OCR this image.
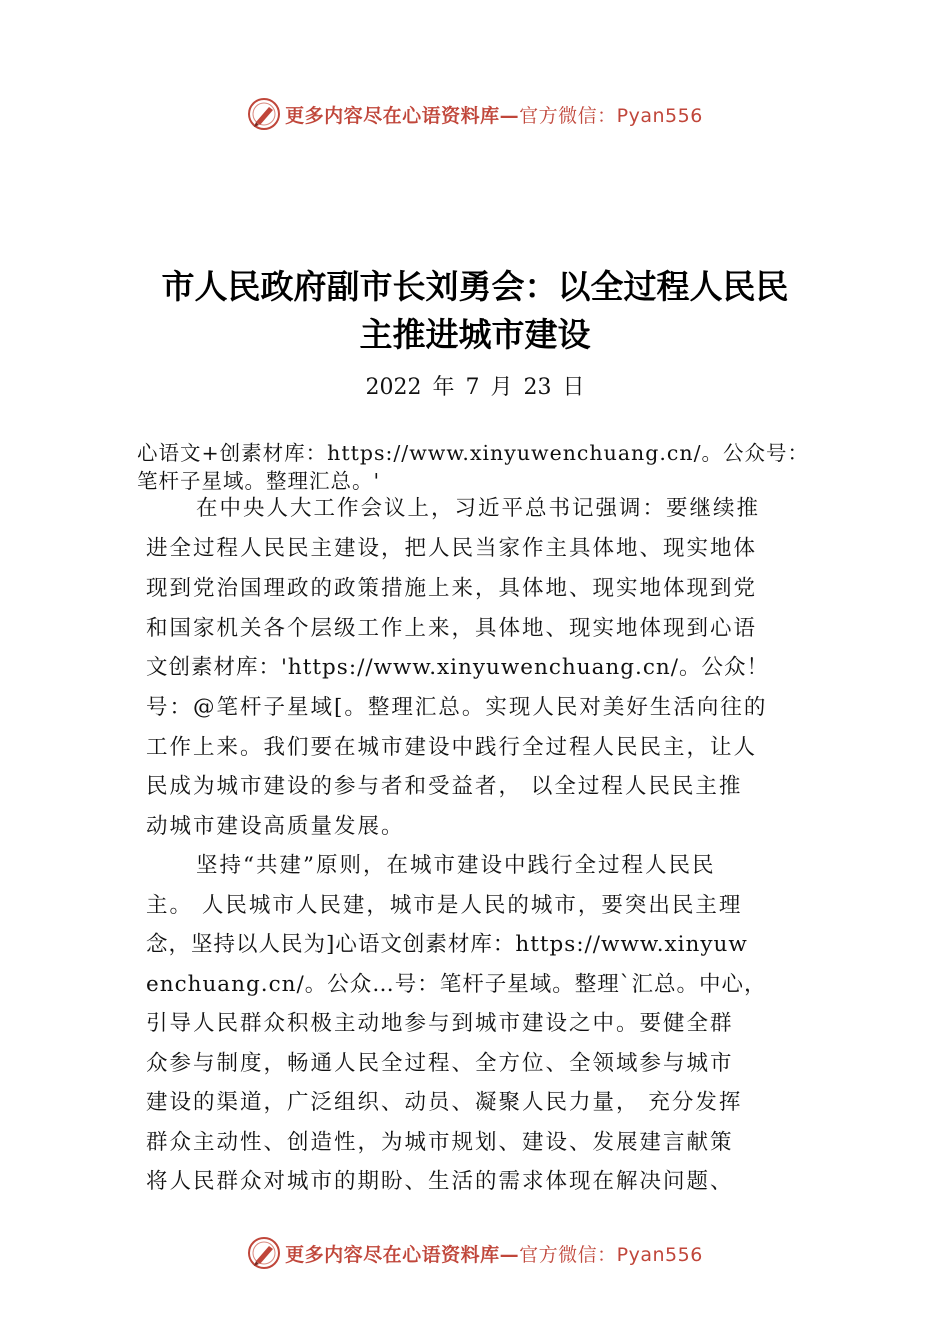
更多内容尽在心语资料库— 官方微信：Pyan556
市人民政府副市长刘勇会：以全过程人民民
主推进城市建设
2022 年 7 月 23 日
心语文+创素材库：https://www.xinyuwenchuang.cn/。公众号：
笔杆子星域。整理汇总。'
在中央人大工作会议上，习近平总书记强调：要继续推
进全过程人民民主建设，把人民当家作主具体地、现实地体
现到党治国理政的政策措施上来，具体地、现实地体现到党
和国家机关各个层级工作上来，具体地、现实地体现到心语
文创素材库：'https://www.xinyuwenchuang.cn/。公众！
号：@笔杆子星域[。整理汇总。实现人民对美好生活向往的
工作上来。我们要在城市建设中践行全过程人民民主，让人
民成为城市建设的参与者和受益者， 以全过程人民民主推
动城市建设高质量发展。
坚持“共建”原则，在城市建设中践行全过程人民民
主。 人民城市人民建，城市是人民的城市，要突出民主理
念，坚持以人民为]心语文创素材库：https://www.xinyuw
enchuang.cn/。公众…号：笔杆子星域。整理`汇总。中心，
引导人民群众积极主动地参与到城市建设之中。要健全群
众参与制度，畅通人民全过程、全方位、全领域参与城市
建设的渠道，广泛组织、动员、凝聚人民力量， 充分发挥
群众主动性、创造性，为城市规划、建设、发展建言献策
将人民群众对城市的期盼、生活的需求体现在解决问题、
更多内容尽在心语资料库— 官方微信：Pyan556
